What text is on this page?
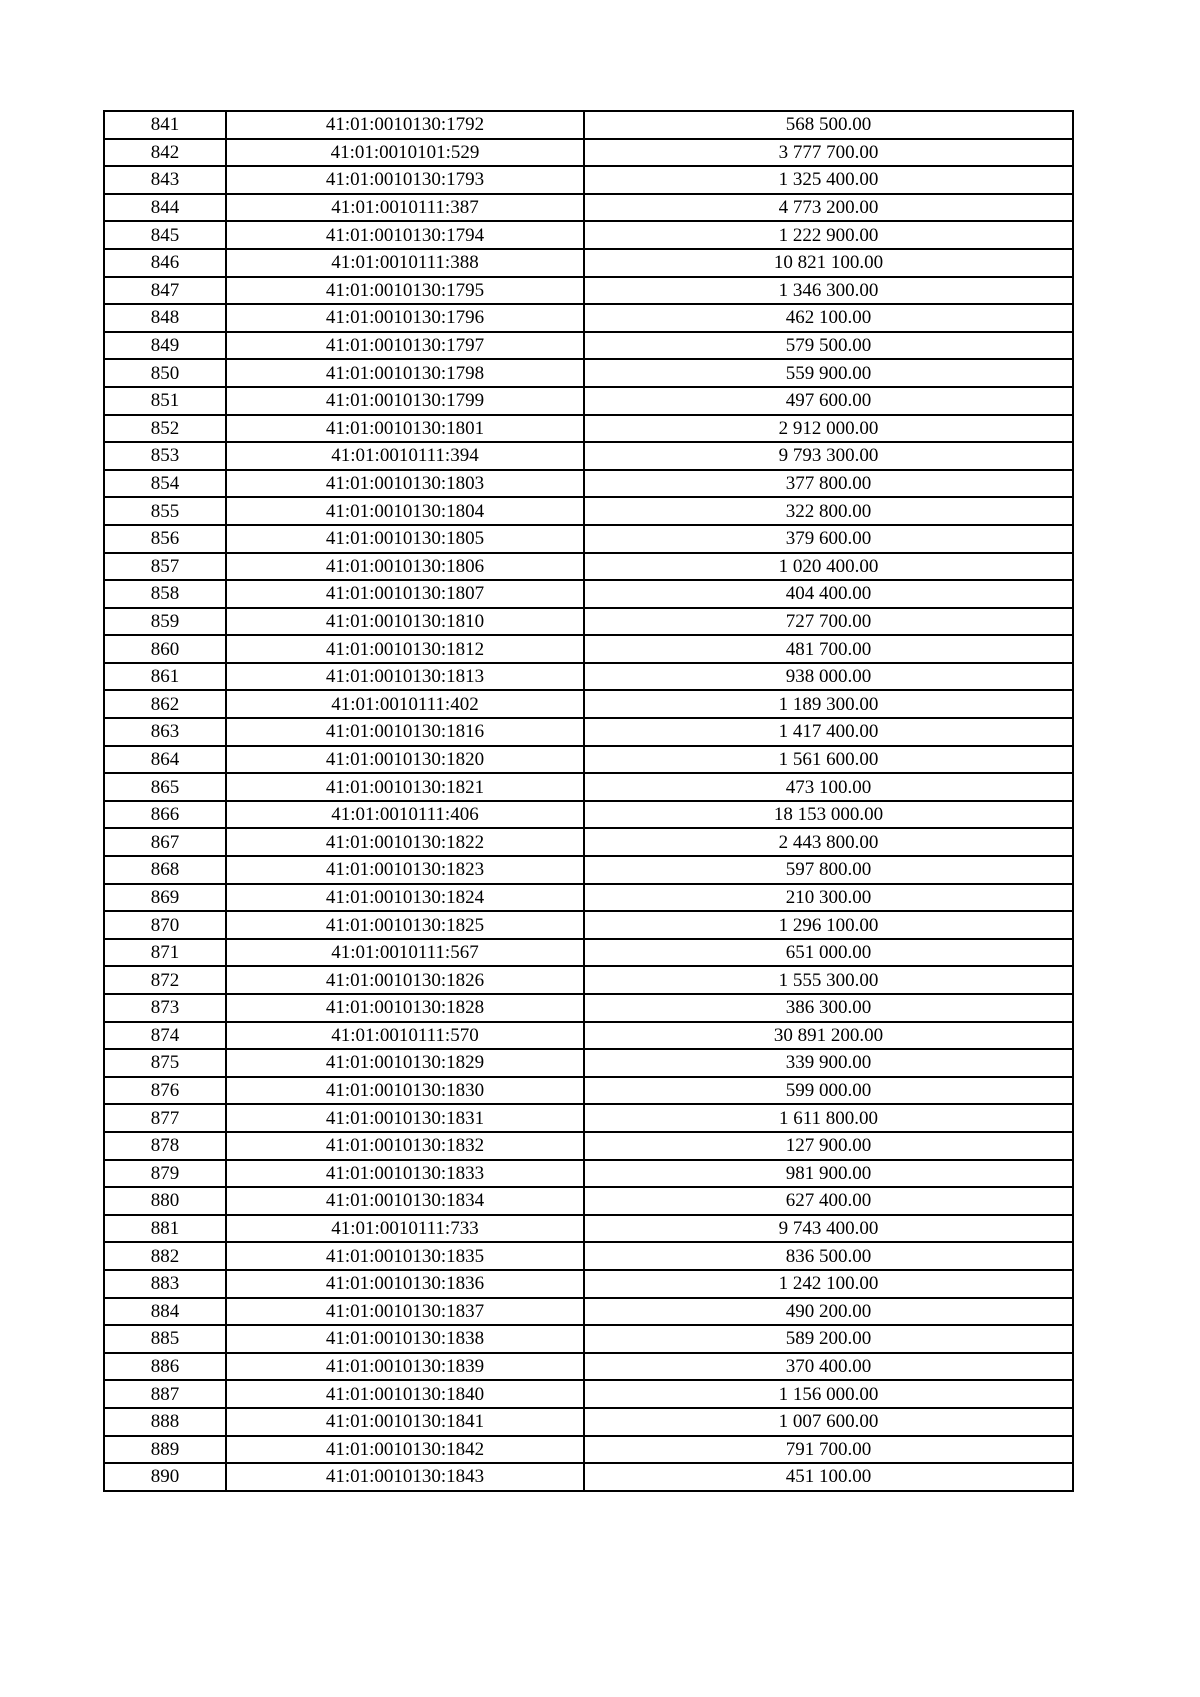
841	41:01:0010130:1792	568 500.00
842	41:01:0010101:529	3 777 700.00
843	41:01:0010130:1793	1 325 400.00
844	41:01:0010111:387	4 773 200.00
845	41:01:0010130:1794	1 222 900.00
846	41:01:0010111:388	10 821 100.00
847	41:01:0010130:1795	1 346 300.00
848	41:01:0010130:1796	462 100.00
849	41:01:0010130:1797	579 500.00
850	41:01:0010130:1798	559 900.00
851	41:01:0010130:1799	497 600.00
852	41:01:0010130:1801	2 912 000.00
853	41:01:0010111:394	9 793 300.00
854	41:01:0010130:1803	377 800.00
855	41:01:0010130:1804	322 800.00
856	41:01:0010130:1805	379 600.00
857	41:01:0010130:1806	1 020 400.00
858	41:01:0010130:1807	404 400.00
859	41:01:0010130:1810	727 700.00
860	41:01:0010130:1812	481 700.00
861	41:01:0010130:1813	938 000.00
862	41:01:0010111:402	1 189 300.00
863	41:01:0010130:1816	1 417 400.00
864	41:01:0010130:1820	1 561 600.00
865	41:01:0010130:1821	473 100.00
866	41:01:0010111:406	18 153 000.00
867	41:01:0010130:1822	2 443 800.00
868	41:01:0010130:1823	597 800.00
869	41:01:0010130:1824	210 300.00
870	41:01:0010130:1825	1 296 100.00
871	41:01:0010111:567	651 000.00
872	41:01:0010130:1826	1 555 300.00
873	41:01:0010130:1828	386 300.00
874	41:01:0010111:570	30 891 200.00
875	41:01:0010130:1829	339 900.00
876	41:01:0010130:1830	599 000.00
877	41:01:0010130:1831	1 611 800.00
878	41:01:0010130:1832	127 900.00
879	41:01:0010130:1833	981 900.00
880	41:01:0010130:1834	627 400.00
881	41:01:0010111:733	9 743 400.00
882	41:01:0010130:1835	836 500.00
883	41:01:0010130:1836	1 242 100.00
884	41:01:0010130:1837	490 200.00
885	41:01:0010130:1838	589 200.00
886	41:01:0010130:1839	370 400.00
887	41:01:0010130:1840	1 156 000.00
888	41:01:0010130:1841	1 007 600.00
889	41:01:0010130:1842	791 700.00
890	41:01:0010130:1843	451 100.00
